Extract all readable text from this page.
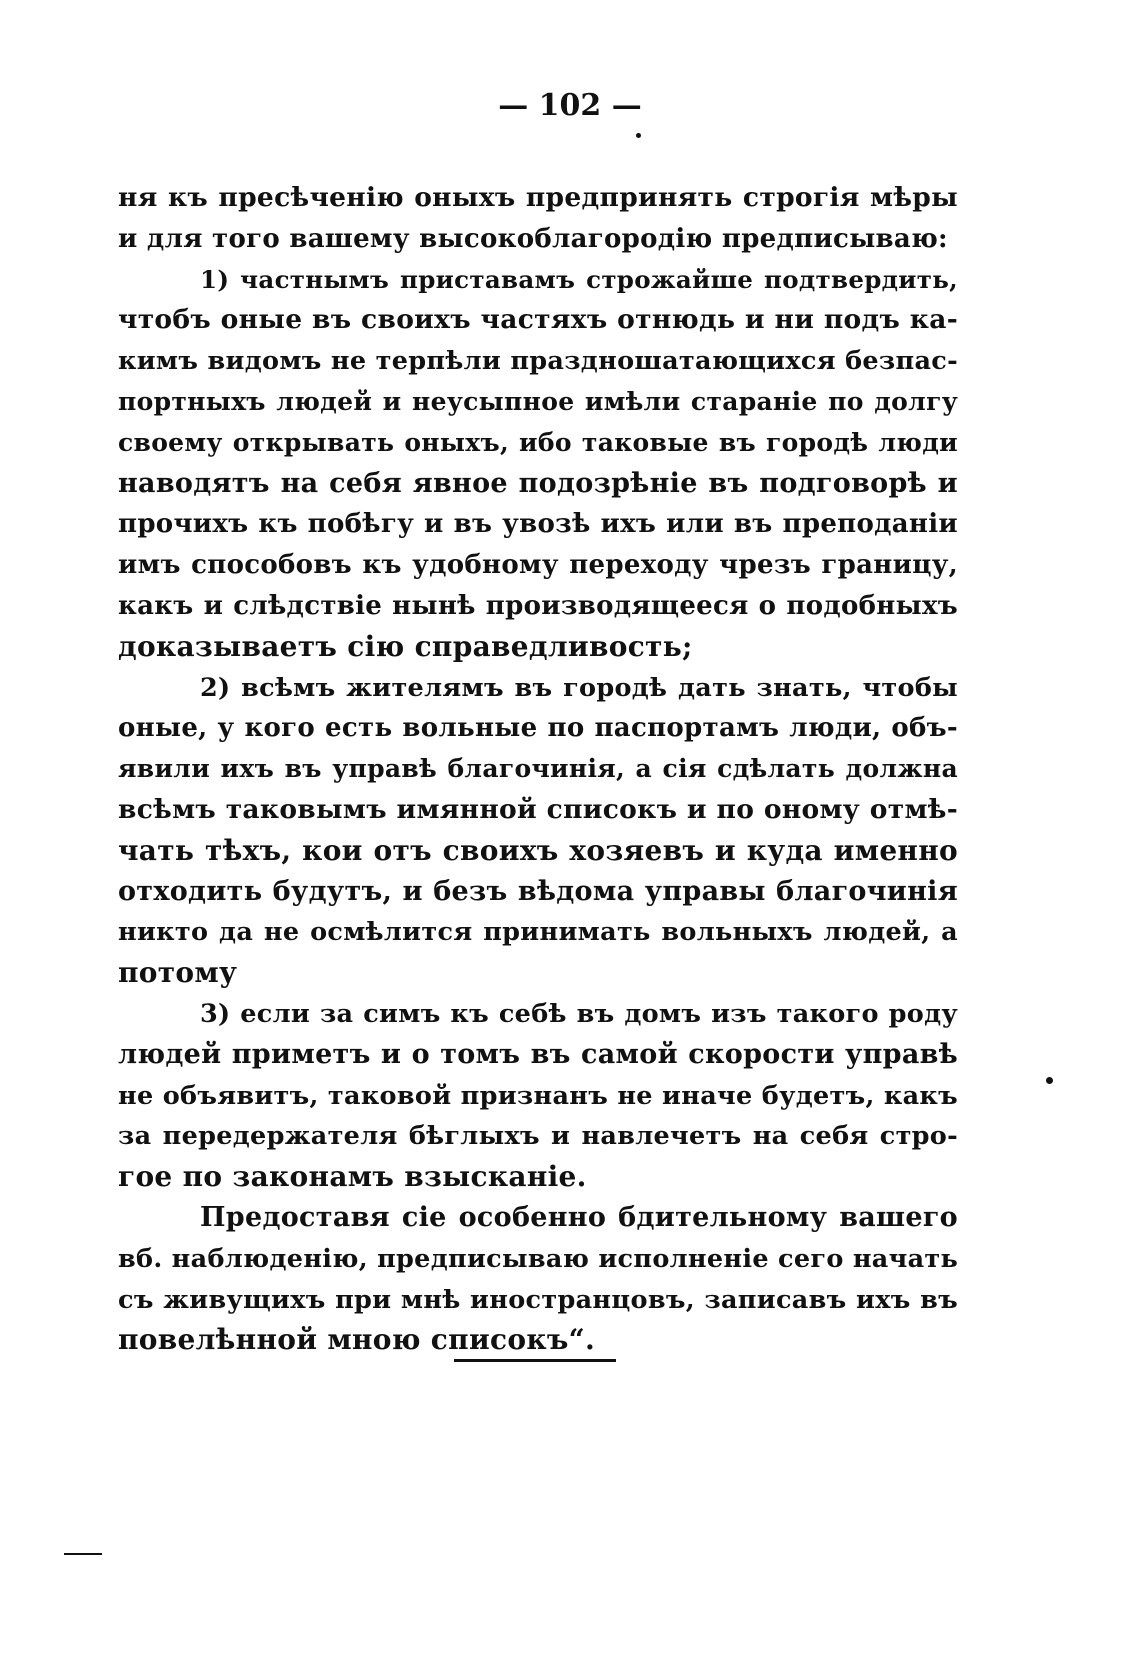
— 102 —
ня къ пресѣченію оныхъ предпринять строгія мѣры
и для того вашему высокоблагородію предписываю:
1) частнымъ приставамъ строжайше подтвердить,
чтобъ оные въ своихъ частяхъ отнюдь и ни подъ ка-
кимъ видомъ не терпѣли праздношатающихся безпас-
портныхъ людей и неусыпное имѣли стараніе по долгу
своему открывать оныхъ, ибо таковые въ городѣ люди
наводятъ на себя явное подозрѣніе въ подговорѣ и
прочихъ къ побѣгу и въ увозѣ ихъ или въ преподаніи
имъ способовъ къ удобному переходу чрезъ границу,
какъ и слѣдствіе нынѣ производящееся о подобныхъ
доказываетъ сію справедливость;
2) всѣмъ жителямъ въ городѣ дать знать, чтобы
оные, у кого есть вольные по паспортамъ люди, объ-
явили ихъ въ управѣ благочинія, а сія сдѣлать должна
всѣмъ таковымъ имянной списокъ и по оному отмѣ-
чать тѣхъ, кои отъ своихъ хозяевъ и куда именно
отходить будутъ, и безъ вѣдома управы благочинія
никто да не осмѣлится принимать вольныхъ людей, а
потому
3) если за симъ къ себѣ въ домъ изъ такого роду
людей приметъ и о томъ въ самой скорости управѣ
не объявитъ, таковой признанъ не иначе будетъ, какъ
за передержателя бѣглыхъ и навлечетъ на себя стро-
гое по законамъ взысканіе.
Предоставя сіе особенно бдительному вашего
вб. наблюденію, предписываю исполненіе сего начать
съ живущихъ при мнѣ иностранцовъ, записавъ ихъ въ
повелѣнной мною списокъ“.
